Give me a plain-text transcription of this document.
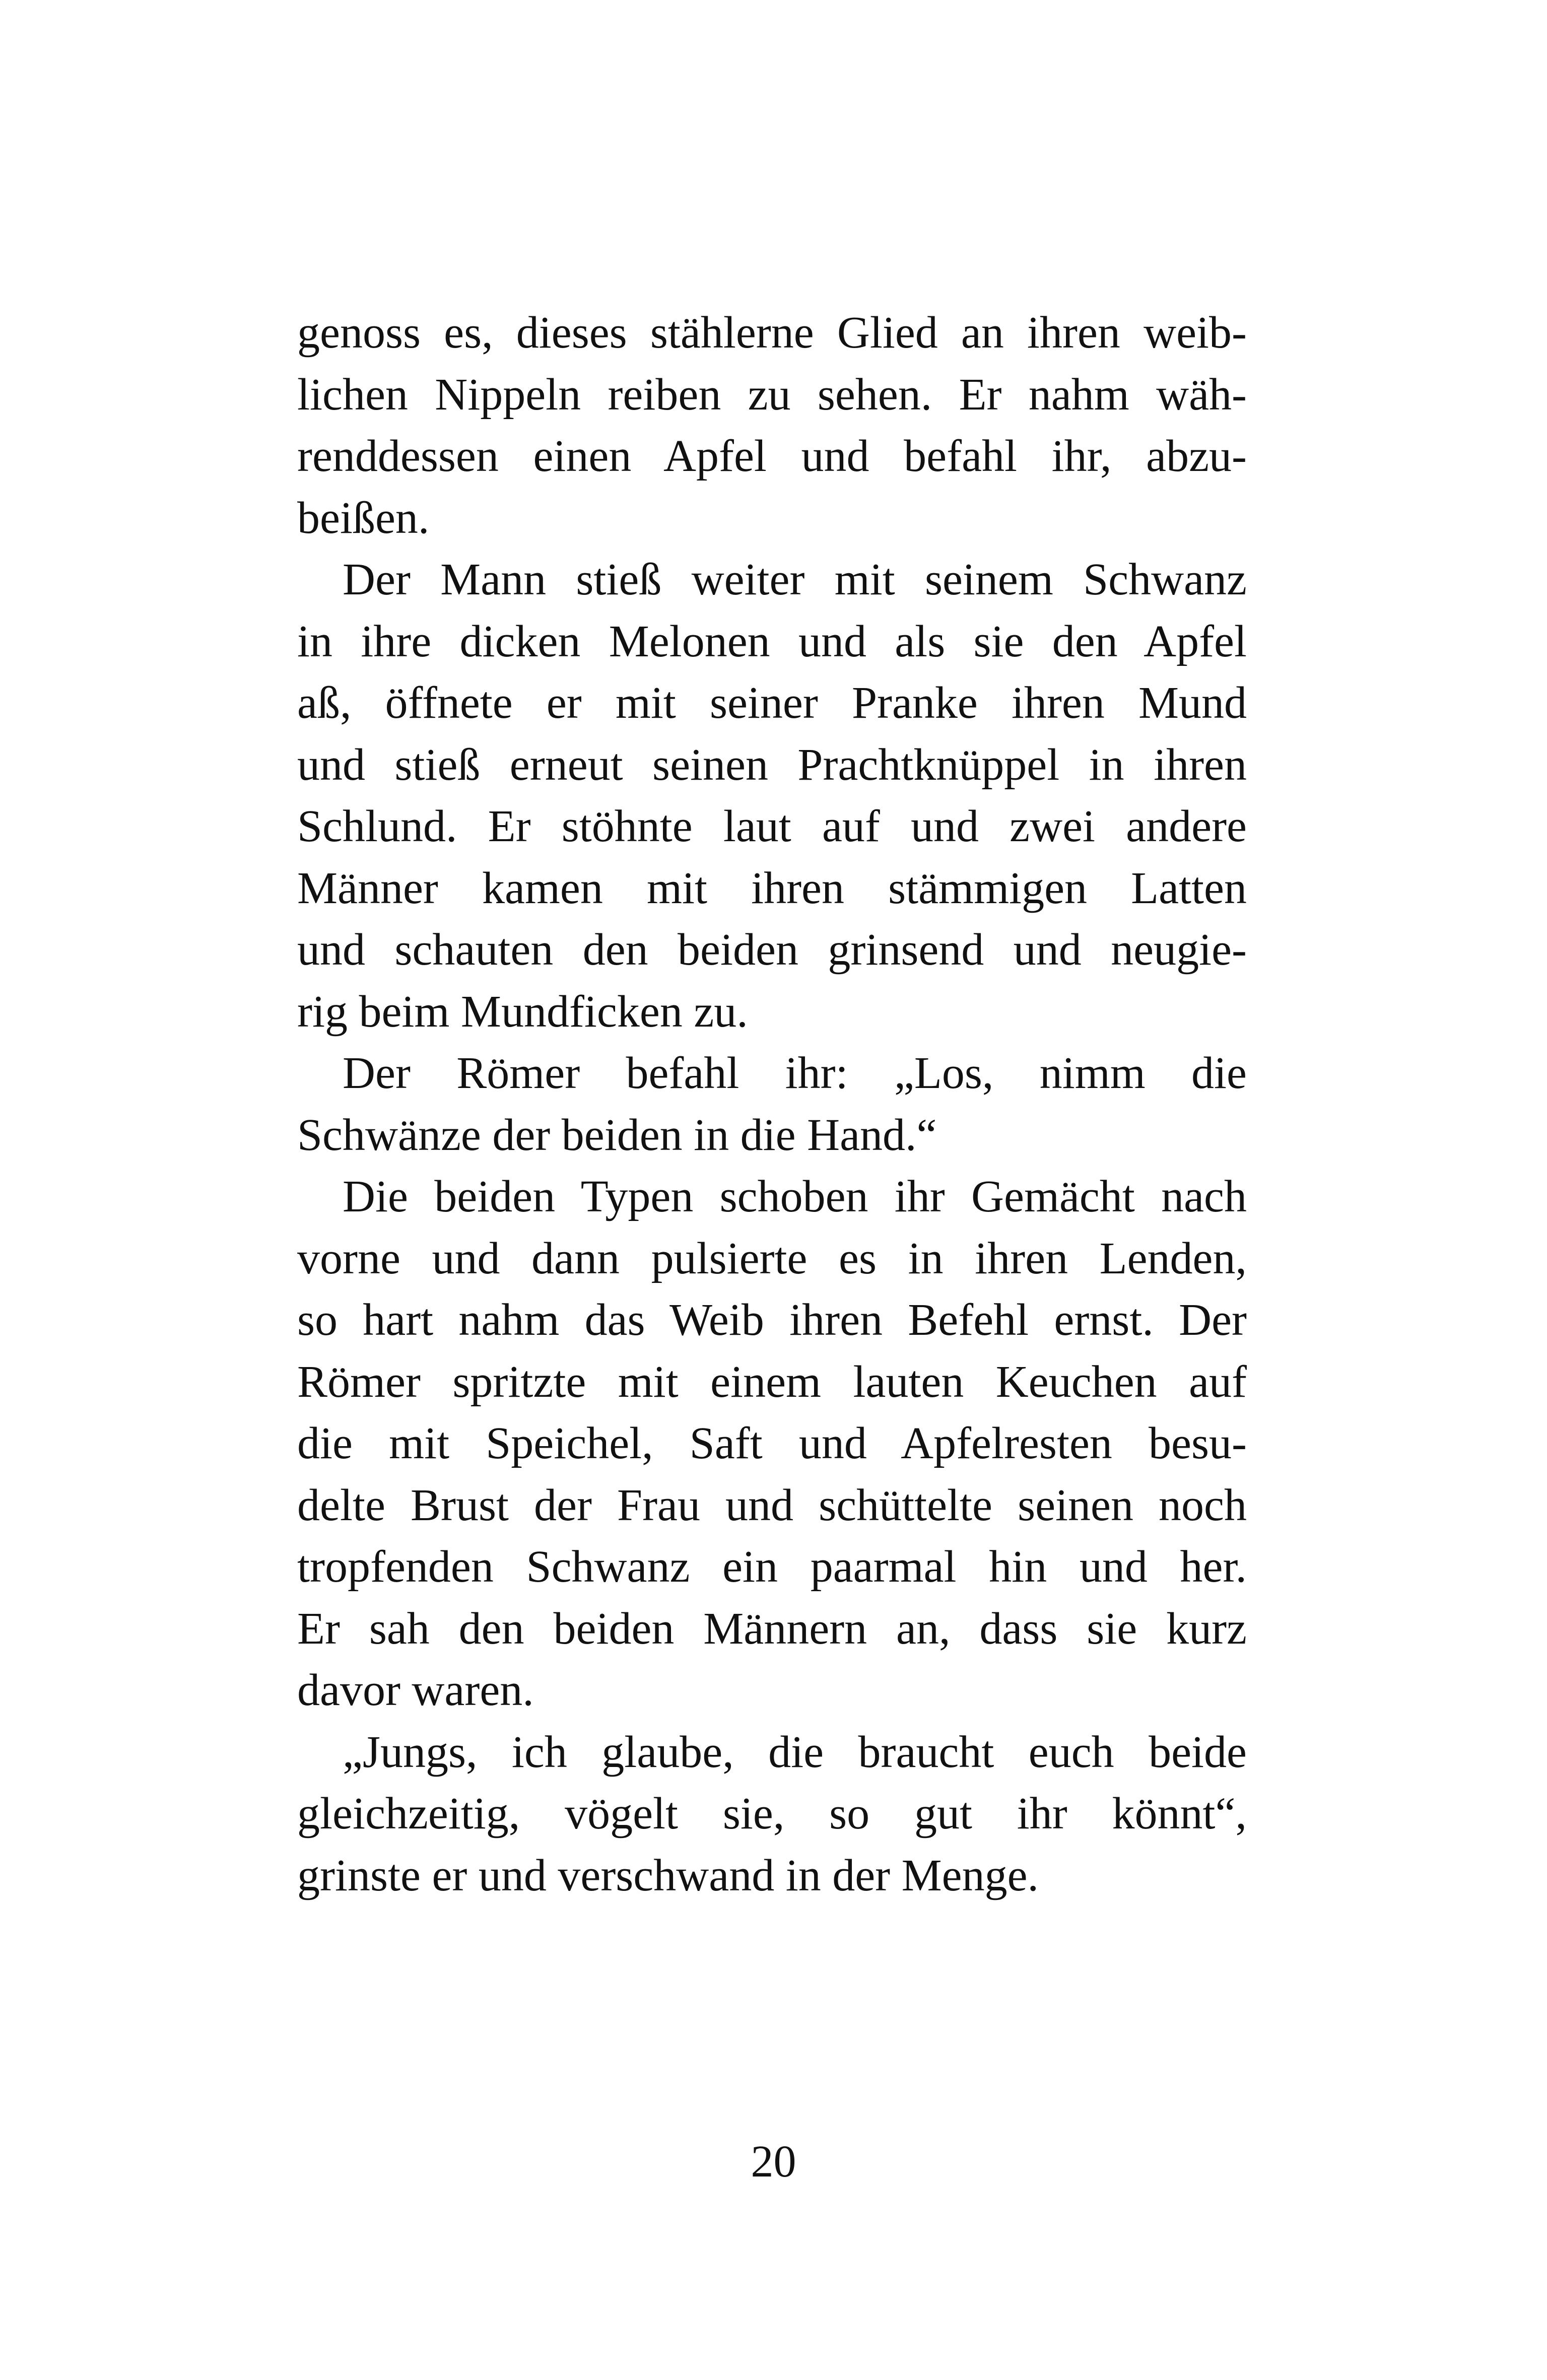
genoss es, dieses stählerne Glied an ihren weib-
lichen Nippeln reiben zu sehen. Er nahm wäh-
renddessen einen Apfel und befahl ihr, abzu-
beißen.
Der Mann stieß weiter mit seinem Schwanz
in ihre dicken Melonen und als sie den Apfel
aß, öffnete er mit seiner Pranke ihren Mund
und stieß erneut seinen Prachtknüppel in ihren
Schlund. Er stöhnte laut auf und zwei andere
Männer kamen mit ihren stämmigen Latten
und schauten den beiden grinsend und neugie-
rig beim Mundficken zu.
Der Römer befahl ihr: „Los, nimm die
Schwänze der beiden in die Hand.“
Die beiden Typen schoben ihr Gemächt nach
vorne und dann pulsierte es in ihren Lenden,
so hart nahm das Weib ihren Befehl ernst. Der
Römer spritzte mit einem lauten Keuchen auf
die mit Speichel, Saft und Apfelresten besu-
delte Brust der Frau und schüttelte seinen noch
tropfenden Schwanz ein paarmal hin und her.
Er sah den beiden Männern an, dass sie kurz
davor waren.
„Jungs, ich glaube, die braucht euch beide
gleichzeitig, vögelt sie, so gut ihr könnt“,
grinste er und verschwand in der Menge.
20
